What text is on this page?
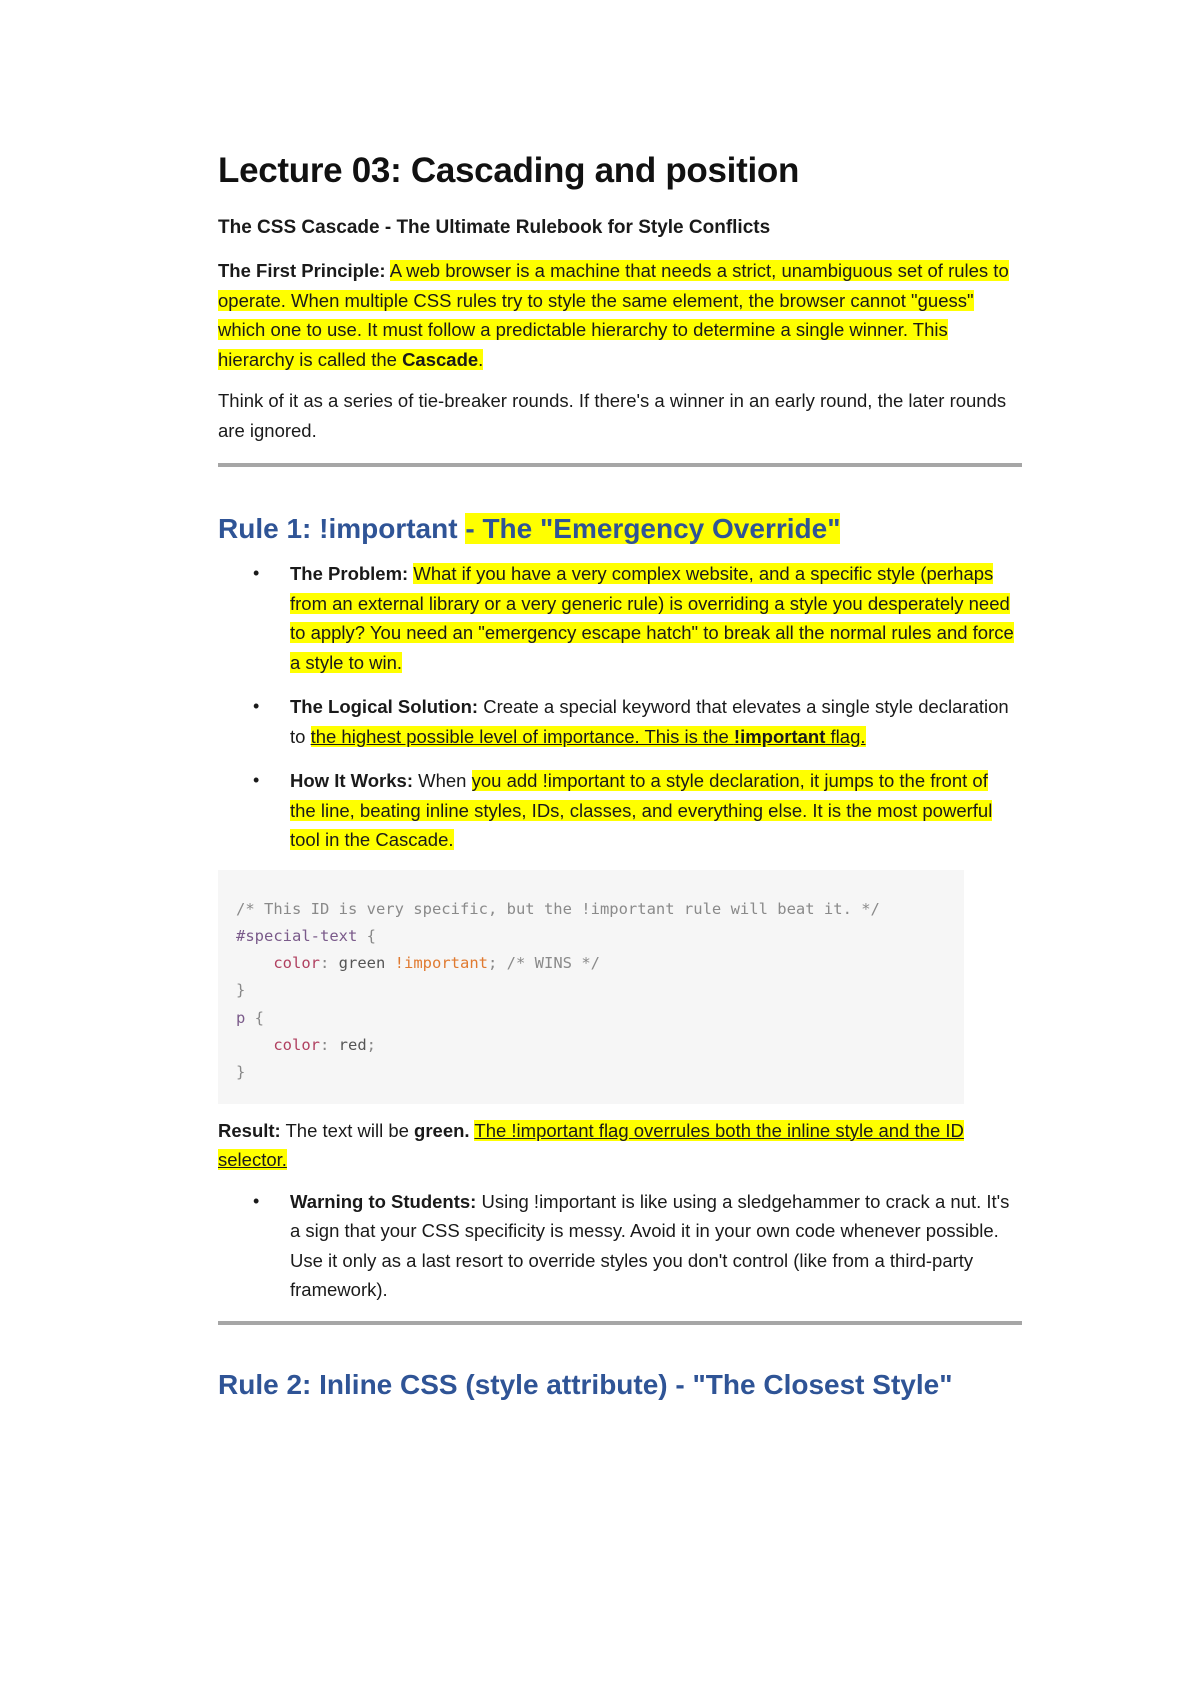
Lecture 03: Cascading and position

The CSS Cascade - The Ultimate Rulebook for Style Conflicts

The First Principle: A web browser is a machine that needs a strict, unambiguous set of rules to operate. When multiple CSS rules try to style the same element, the browser cannot "guess" which one to use. It must follow a predictable hierarchy to determine a single winner. This hierarchy is called the Cascade.

Think of it as a series of tie-breaker rounds. If there's a winner in an early round, the later rounds are ignored.

Rule 1: !important - The "Emergency Override"
• The Problem: What if you have a very complex website, and a specific style (perhaps from an external library or a very generic rule) is overriding a style you desperately need to apply? You need an "emergency escape hatch" to break all the normal rules and force a style to win.
• The Logical Solution: Create a special keyword that elevates a single style declaration to the highest possible level of importance. This is the !important flag.
• How It Works: When you add !important to a style declaration, it jumps to the front of the line, beating inline styles, IDs, classes, and everything else. It is the most powerful tool in the Cascade.
/* This ID is very specific, but the !important rule will beat it. */
#special-text {
color: green !important; /* WINS */
}
p {
color: red;
}

Result: The text will be green. The !important flag overrules both the inline style and the ID selector.

• Warning to Students: Using !important is like using a sledgehammer to crack a nut. It's a sign that your CSS specificity is messy. Avoid it in your own code whenever possible. Use it only as a last resort to override styles you don't control (like from a third-party framework).
Rule 2: Inline CSS (style attribute) - "The Closest Style"
